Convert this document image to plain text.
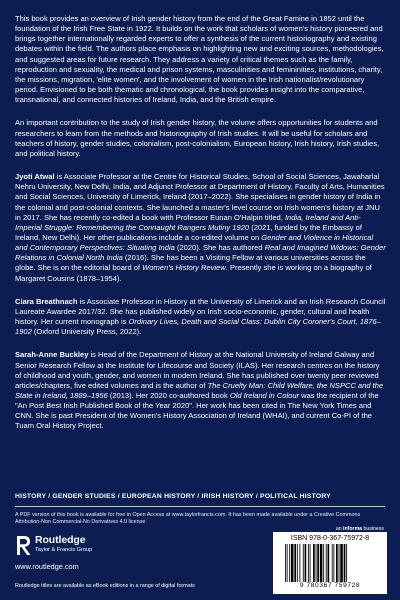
This book provides an overview of Irish gender history from the end of the Great Famine in 1852 until the foundation of the Irish Free State in 1922. It builds on the work that scholars of women's history pioneered and brings together internationally regarded experts to offer a synthesis of the current historiography and existing debates within the field. The authors place emphasis on highlighting new and exciting sources, methodologies, and suggested areas for future research. They address a variety of critical themes such as the family, reproduction and sexuality, the medical and prison systems, masculinities and femininities, institutions, charity, the missions, migration, 'elite women', and the involvement of women in the Irish nationalist/revolutionary period. Envisioned to be both thematic and chronological, the book provides insight into the comparative, transnational, and connected histories of Ireland, India, and the British empire.

An important contribution to the study of Irish gender history, the volume offers opportunities for students and researchers to learn from the methods and historiography of Irish studies. It will be useful for scholars and teachers of history, gender studies, colonialism, post-colonialism, European history, Irish history, Irish studies, and political history.

Jyoti Atwal is Associate Professor at the Centre for Historical Studies, School of Social Sciences, Jawaharlal Nehru University, New Delhi, India, and Adjunct Professor at Department of History, Faculty of Arts, Humanities and Social Sciences, University of Limerick, Ireland (2017–2022). She specialises in gender history of India in the colonial and post-colonial contexts. She launched a master's level course on Irish women's history at JNU in 2017. She has recently co-edited a book with Professor Eunan O'Halpin titled, India, Ireland and Anti-Imperial Struggle: Remembering the Connaught Rangers Mutiny 1920 (2021, funded by the Embassy of Ireland, New Delhi). Her other publications include a co-edited volume on Gender and Violence in Historical and Contemporary Perspectives: Situating India (2020). She has authored Real and Imagined Widows: Gender Relations in Colonial North India (2016). She has been a Visiting Fellow at various universities across the globe. She is on the editorial board of Women's History Review. Presently she is working on a biography of Margaret Cousins (1878–1954).

Ciara Breathnach is Associate Professor in History at the University of Limerick and an Irish Research Council Laureate Awardee 2017/32. She has published widely on Irish socio-economic, gender, cultural and health history. Her current monograph is Ordinary Lives, Death and Social Class: Dublin City Coroner's Court, 1876–1902 (Oxford University Press, 2022).

Sarah-Anne Buckley is Head of the Department of History at the National University of Ireland Galway and Senior Research Fellow at the Institute for Lifecourse and Society (ILAS). Her research centres on the history of childhood and youth, gender, and women in modern Ireland. She has published over twenty peer reviewed articles/chapters, five edited volumes and is the author of The Cruelty Man: Child Welfare, the NSPCC and the State in Ireland, 1889–1956 (2013). Her 2020 co-authored book Old Ireland in Colour was the recipient of the "An Post Best Irish Published Book of the Year 2020". Her work has been cited in The New York Times and CNN. She is past President of the Women's History Association of Ireland (WHAI), and current Co-PI of the Tuam Oral History Project.

HISTORY / GENDER STUDIES / EUROPEAN HISTORY / IRISH HISTORY / POLITICAL HISTORY
A PDF version of this book is available for free in Open Access at www.taylorfrancis.com. It has been made available under a Creative Commons Attribution-Non Commercial-No Derivatives 4.0 license
an informa business
Routledge
Taylor & Francis Group
www.routledge.com
Routledge titles are available as eBook editions in a range of digital formats
ISBN 978-0-367-75972-8
9 780367 759728
